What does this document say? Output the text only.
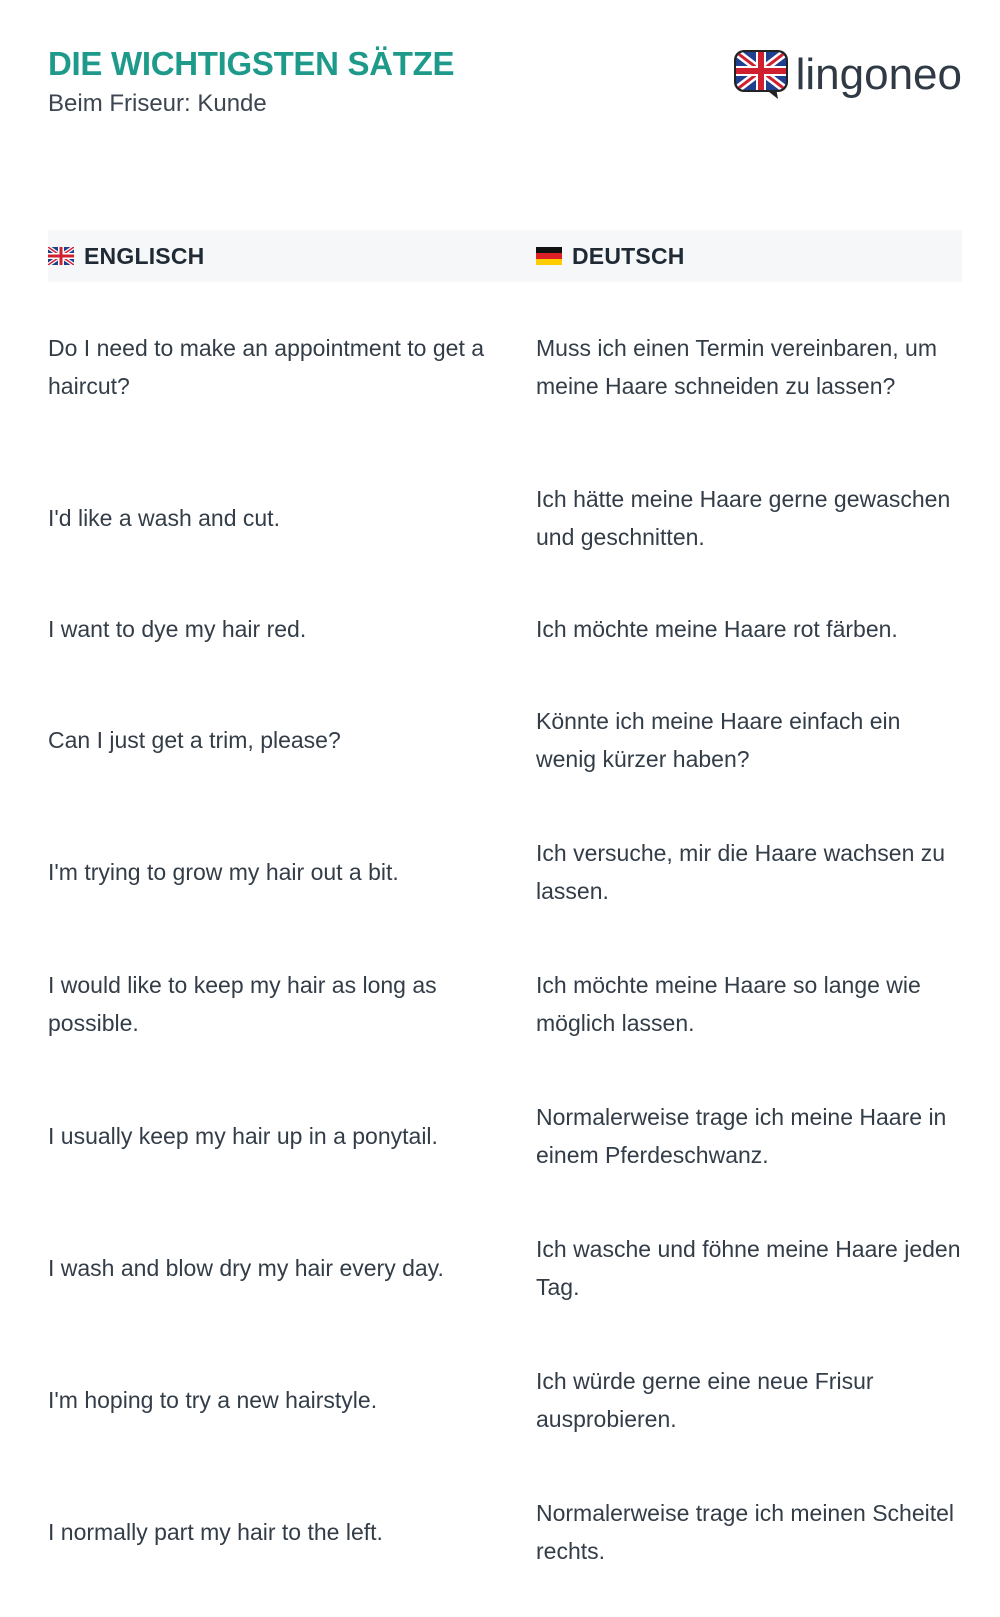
DIE WICHTIGSTEN SÄTZE
Beim Friseur: Kunde
lingoneo
ENGLISCH	DEUTSCH
Do I need to make an appointment to get a haircut?
Muss ich einen Termin vereinbaren, um meine Haare schneiden zu lassen?
I'd like a wash and cut.
Ich hätte meine Haare gerne gewaschen und geschnitten.
I want to dye my hair red.	Ich möchte meine Haare rot färben.
Can I just get a trim, please?
Könnte ich meine Haare einfach ein wenig kürzer haben?
I'm trying to grow my hair out a bit.
Ich versuche, mir die Haare wachsen zu lassen.
I would like to keep my hair as long as possible.
Ich möchte meine Haare so lange wie möglich lassen.
I usually keep my hair up in a ponytail.
Normalerweise trage ich meine Haare in einem Pferdeschwanz.
I wash and blow dry my hair every day.
Ich wasche und föhne meine Haare jeden Tag.
I'm hoping to try a new hairstyle.
Ich würde gerne eine neue Frisur ausprobieren.
I normally part my hair to the left.
Normalerweise trage ich meinen Scheitel rechts.
